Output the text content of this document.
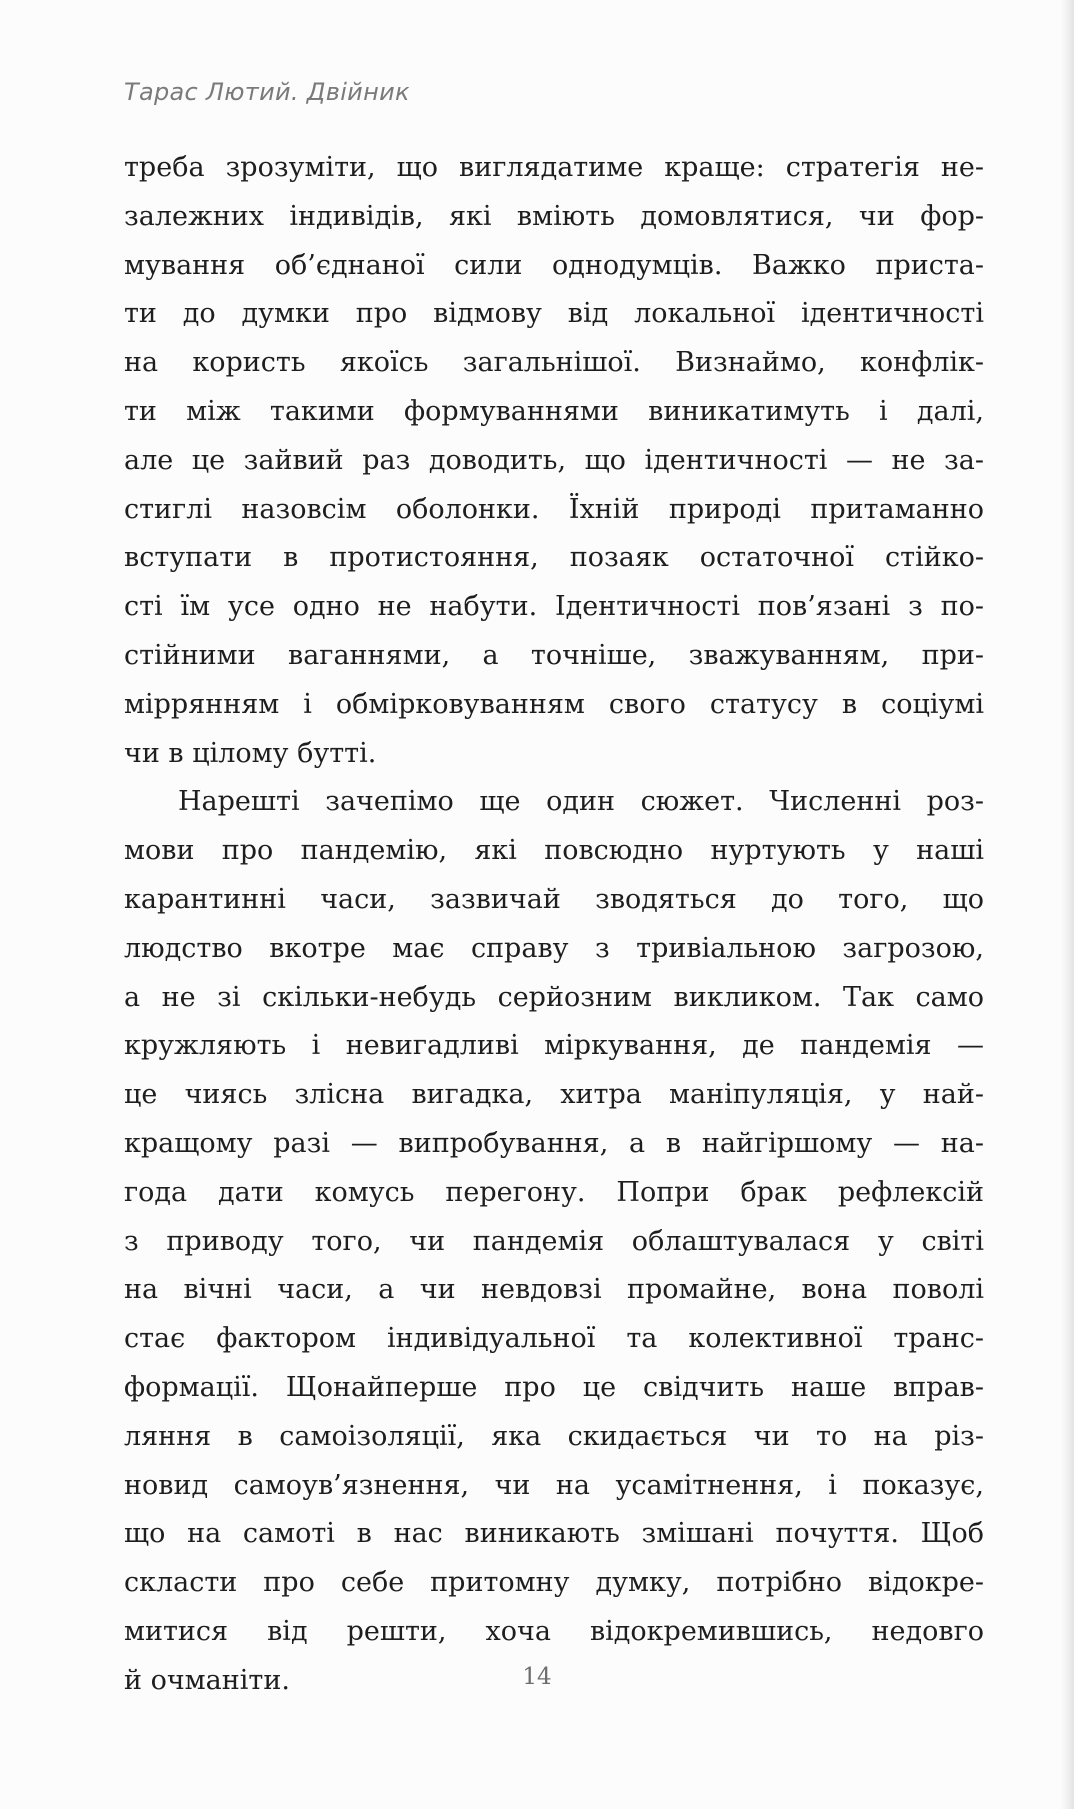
Тарас Лютий. Двійник

треба зрозуміти, що виглядатиме краще: стратегія не-
залежних індивідів, які вміють домовлятися, чи фор-
мування об’єднаної сили однодумців. Важко приста-
ти до думки про відмову від локальної ідентичності
на користь якоїсь загальнішої. Визнаймо, конфлік-
ти між такими формуваннями виникатимуть і далі,
але це зайвий раз доводить, що ідентичності — не за-
стиглі назовсім оболонки. Їхній природі притаманно
вступати в протистояння, позаяк остаточної стійко-
сті їм усе одно не набути. Ідентичності пов’язані з по-
стійними ваганнями, а точніше, зважуванням, при-
міррянням і обмірковуванням свого статусу в соціумі
чи в цілому бутті.

Нарешті зачепімо ще один сюжет. Численні роз-
мови про пандемію, які повсюдно нуртують у наші
карантинні часи, зазвичай зводяться до того, що
людство вкотре має справу з тривіальною загрозою,
а не зі скільки-небудь серйозним викликом. Так само
кружляють і невигадливі міркування, де пандемія —
це чиясь злісна вигадка, хитра маніпуляція, у най-
кращому разі — випробування, а в найгіршому — на-
года дати комусь перегону. Попри брак рефлексій
з приводу того, чи пандемія облаштувалася у світі
на вічні часи, а чи невдовзі промайне, вона поволі
стає фактором індивідуальної та колективної транс-
формації. Щонайперше про це свідчить наше вправ-
ляння в самоізоляції, яка скидається чи то на різ-
новид самоув’язнення, чи на усамітнення, і показує,
що на самоті в нас виникають змішані почуття. Щоб
скласти про себе притомну думку, потрібно відокре-
митися від решти, хоча відокремившись, недовго
й очманіти.	14
